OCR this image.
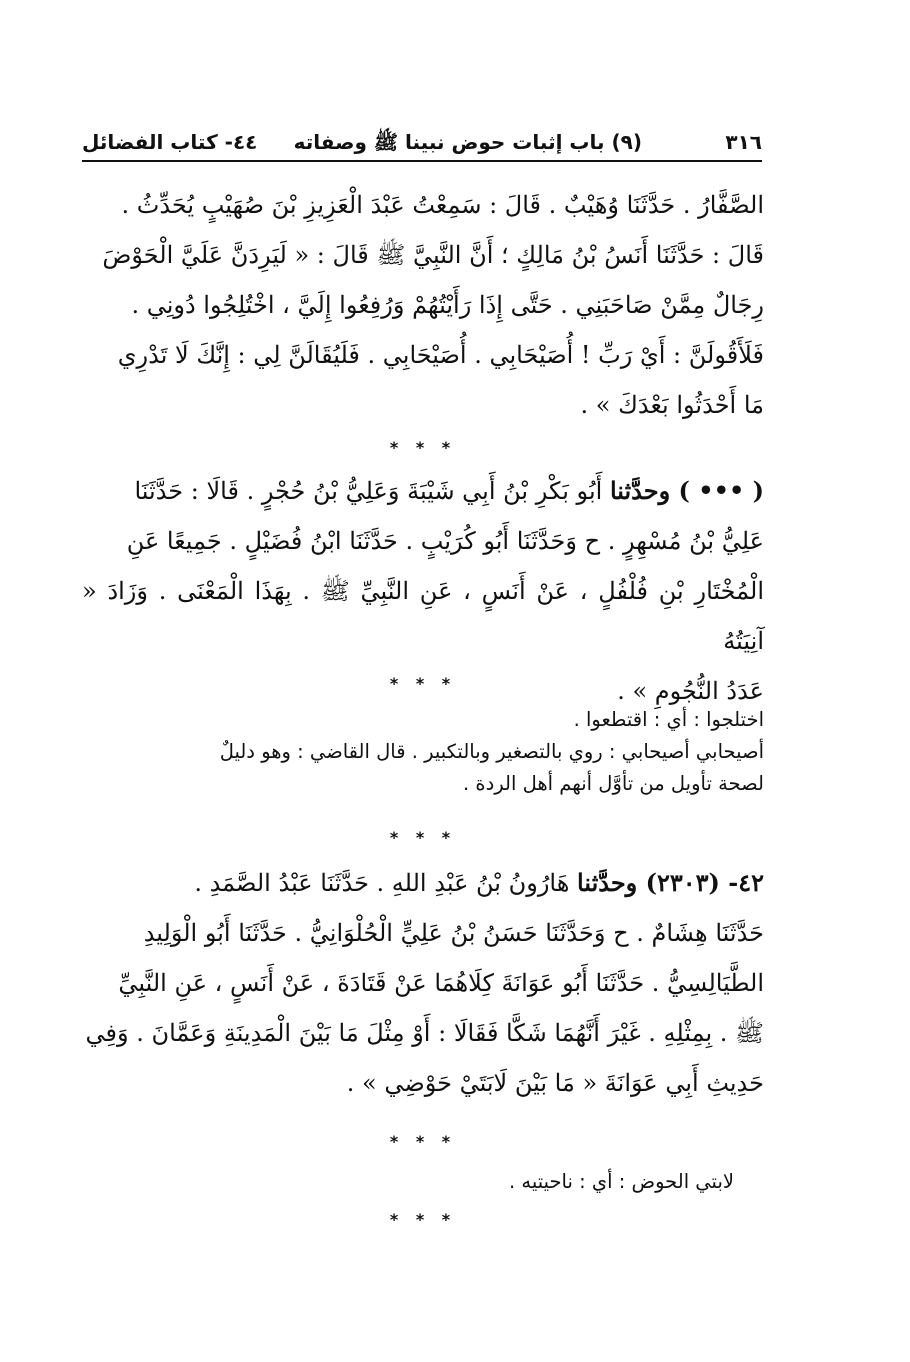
٣١٦
(٩) باب إثبات حوض نبينا ﷺ وصفاته
٤٤- كتاب الفضائل
الصَّفَّارُ . حَدَّثَنَا وُهَيْبٌ . قَالَ : سَمِعْتُ عَبْدَ الْعَزِيزِ بْنَ صُهَيْبٍ يُحَدِّثُ .
قَالَ : حَدَّثَنَا أَنَسُ بْنُ مَالِكٍ ؛ أَنَّ النَّبِيَّ ﷺ قَالَ : « لَيَرِدَنَّ عَلَيَّ الْحَوْضَ
رِجَالٌ مِمَّنْ صَاحَبَنِي . حَتَّى إِذَا رَأَيْتُهُمْ وَرُفِعُوا إِلَيَّ ، اخْتُلِجُوا دُونِي .
فَلَأَقُولَنَّ : أَيْ رَبِّ ! أُصَيْحَابِي . أُصَيْحَابِي . فَلَيُقَالَنَّ لِي : إِنَّكَ لَا تَدْرِي
مَا أَحْدَثُوا بَعْدَكَ » .
* * *
( ••• ) وحدَّثنا أَبُو بَكْرِ بْنُ أَبِي شَيْبَةَ وَعَلِيُّ بْنُ حُجْرٍ . قَالَا : حَدَّثَنَا
عَلِيُّ بْنُ مُسْهِرٍ . ح وَحَدَّثَنَا أَبُو كُرَيْبٍ . حَدَّثَنَا ابْنُ فُضَيْلٍ . جَمِيعًا عَنِ
الْمُخْتَارِ بْنِ فُلْفُلٍ ، عَنْ أَنَسٍ ، عَنِ النَّبِيِّ ﷺ . بِهَذَا الْمَعْنَى . وَزَادَ « آنِيَتُهُ
عَدَدُ النُّجُومِ » .
* * *
اختلجوا : أي : اقتطعوا .
أصيحابي أصيحابي : روي بالتصغير وبالتكبير . قال القاضي : وهو دليلٌ
لصحة تأويل من تأوَّل أنهم أهل الردة .
* * *
٤٢- (٢٣٠٣) وحدَّثنا هَارُونُ بْنُ عَبْدِ اللهِ . حَدَّثَنَا عَبْدُ الصَّمَدِ .
حَدَّثَنَا هِشَامٌ . ح وَحَدَّثَنَا حَسَنُ بْنُ عَلِيٍّ الْحُلْوَانِيُّ . حَدَّثَنَا أَبُو الْوَلِيدِ
الطَّيَالِسِيُّ . حَدَّثَنَا أَبُو عَوَانَةَ كِلَاهُمَا عَنْ قَتَادَةَ ، عَنْ أَنَسٍ ، عَنِ النَّبِيِّ
ﷺ . بِمِثْلِهِ . غَيْرَ أَنَّهُمَا شَكَّا فَقَالَا : أَوْ مِثْلَ مَا بَيْنَ الْمَدِينَةِ وَعَمَّانَ . وَفِي
حَدِيثِ أَبِي عَوَانَةَ « مَا بَيْنَ لَابَتَيْ حَوْضِي » .
* * *
لابتي الحوض : أي : ناحيتيه .
* * *
